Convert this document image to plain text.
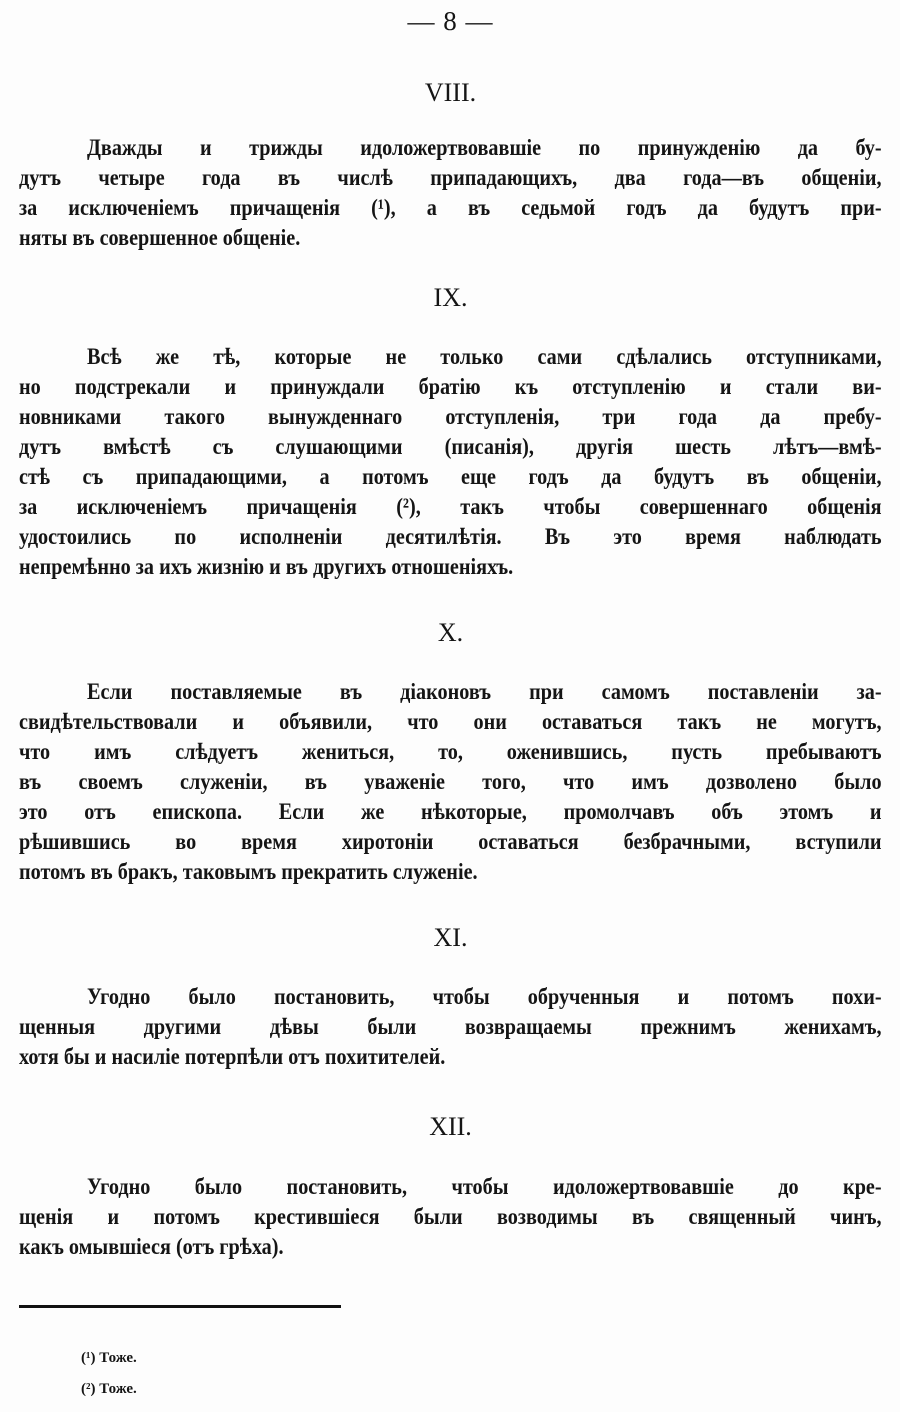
— 8 —
VIII.
Дважды и трижды идоложертвовавшіе по принужденію да бу-
дутъ четыре года въ числѣ припадающихъ, два года—въ общеніи,
за исключеніемъ причащенія (¹), а въ седьмой годъ да будутъ при-
няты въ совершенное общеніе.
IX.
Всѣ же тѣ, которые не только сами сдѣлались отступниками,
но подстрекали и принуждали братію къ отступленію и стали ви-
новниками такого вынужденнаго отступленія, три года да пребу-
дутъ вмѣстѣ съ слушающими (писанія), другія шесть лѣтъ—вмѣ-
стѣ съ припадающими, а потомъ еще годъ да будутъ въ общеніи,
за исключеніемъ причащенія (²), такъ чтобы совершеннаго общенія
удостоились по исполненіи десятилѣтія. Въ это время наблюдать
непремѣнно за ихъ жизнію и въ другихъ отношеніяхъ.
X.
Если поставляемые въ діаконовъ при самомъ поставленіи за-
свидѣтельствовали и объявили, что они оставаться такъ не могутъ,
что имъ слѣдуетъ жениться, то, оженившись, пусть пребываютъ
въ своемъ служеніи, въ уваженіе того, что имъ дозволено было
это отъ епископа. Если же нѣкоторые, промолчавъ объ этомъ и
рѣшившись во время хиротоніи оставаться безбрачными, вступили
потомъ въ бракъ, таковымъ прекратить служеніе.
XI.
Угодно было постановить, чтобы обрученныя и потомъ похи-
щенныя другими дѣвы были возвращаемы прежнимъ женихамъ,
хотя бы и насиліе потерпѣли отъ похитителей.
XII.
Угодно было постановить, чтобы идоложертвовавшіе до кре-
щенія и потомъ крестившіеся были возводимы въ священный чинъ,
какъ омывшіеся (отъ грѣха).
(¹) Тоже.
(²) Тоже.
